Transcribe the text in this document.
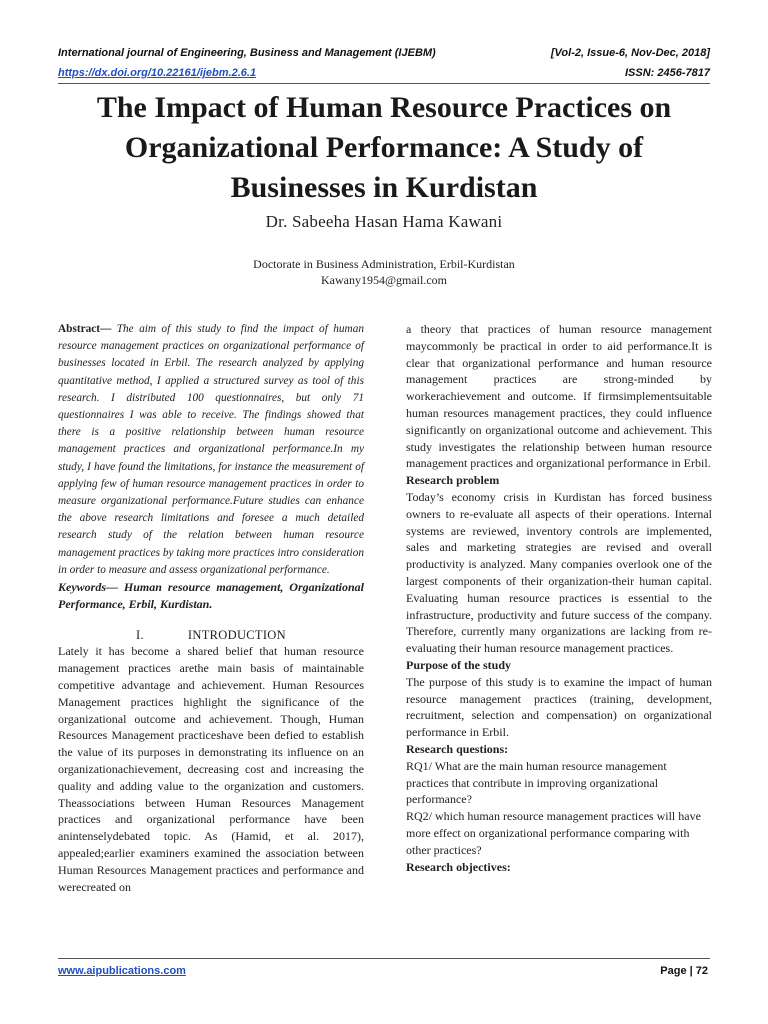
International journal of Engineering, Business and Management (IJEBM)	[Vol-2, Issue-6, Nov-Dec, 2018]
https://dx.doi.org/10.22161/ijebm.2.6.1	ISSN: 2456-7817
The Impact of Human Resource Practices on
Organizational Performance: A Study of
Businesses in Kurdistan
Dr. Sabeeha Hasan Hama Kawani
Doctorate in Business Administration, Erbil-Kurdistan
Kawany1954@gmail.com

Abstract— The aim of this study to find the impact of human resource management practices on organizational performance of businesses located in Erbil. The research analyzed by applying quantitative method, I applied a structured survey as tool of this research. I distributed 100 questionnaires, but only 71 questionnaires I was able to receive. The findings showed that there is a positive relationship between human resource management practices and organizational performance.In my study, I have found the limitations, for instance the measurement of applying few of human resource management practices in order to measure organizational performance.Future studies can enhance the above research limitations and foresee a much detailed research study of the relation between human resource management practices by taking more practices intro consideration in order to measure and assess organizational performance.

Keywords— Human resource management, Organizational Performance, Erbil, Kurdistan.

I.	INTRODUCTION

Lately it has become a shared belief that human resource management practices arethe main basis of maintainable competitive advantage and achievement. Human Resources Management practices highlight the significance of the organizational outcome and achievement. Though, Human Resources Management practiceshave been defied to establish the value of its purposes in demonstrating its influence on an organizationachievement, decreasing cost and increasing the quality and adding value to the organization and customers. Theassociations between Human Resources Management practices and organizational performance have been anintenselydebated topic. As (Hamid, et al. 2017), appealed;earlier examiners examined the association between Human Resources Management practices and performance and werecreated on

a theory that practices of human resource management maycommonly be practical in order to aid performance.It is clear that organizational performance and human resource management practices are strong-minded by workerachievement and outcome. If firmsimplementsuitable human resources management practices, they could influence significantly on organizational outcome and achievement. This study investigates the relationship between human resource management practices and organizational performance in Erbil.

Research problem

Today’s economy crisis in Kurdistan has forced business owners to re-evaluate all aspects of their operations. Internal systems are reviewed, inventory controls are implemented, sales and marketing strategies are revised and overall productivity is analyzed. Many companies overlook one of the largest components of their organization-their human capital. Evaluating human resource practices is essential to the infrastructure, productivity and future success of the company. Therefore, currently many organizations are lacking from re-evaluating their human resource management practices.

Purpose of the study

The purpose of this study is to examine the impact of human resource management practices (training, development, recruitment, selection and compensation) on organizational performance in Erbil.

Research questions:

RQ1/ What are the main human resource management practices that contribute in improving organizational performance?

RQ2/ which human resource management practices will have more effect on organizational performance comparing with other practices?

Research objectives:

www.aipublications.com	Page | 72
